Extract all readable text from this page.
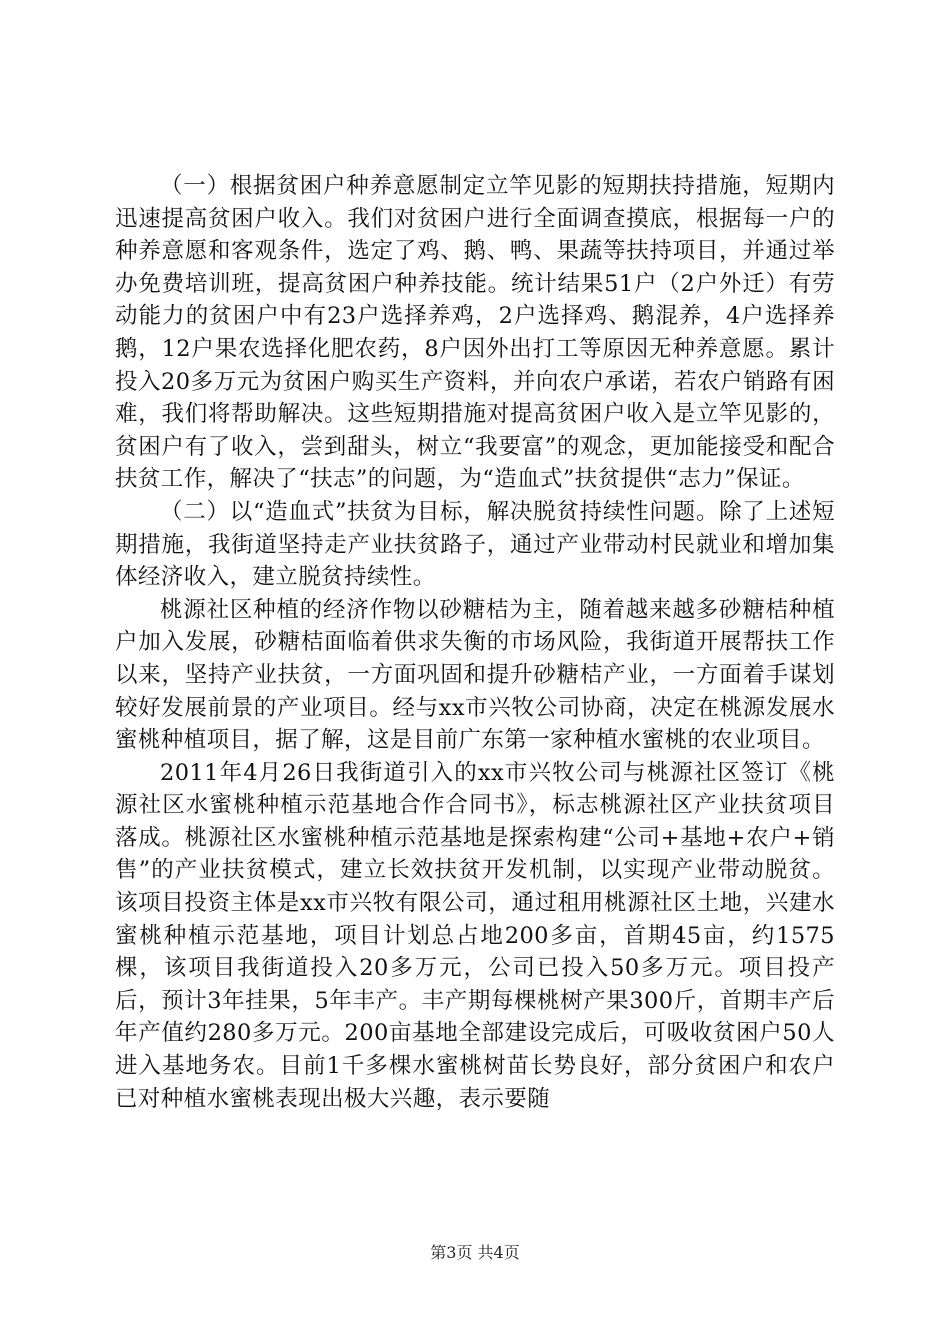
（一）根据贫困户种养意愿制定立竿见影的短期扶持措施，短期内迅速提高贫困户收入。我们对贫困户进行全面调查摸底，根据每一户的种养意愿和客观条件，选定了鸡、鹅、鸭、果蔬等扶持项目，并通过举办免费培训班，提高贫困户种养技能。统计结果51户（2户外迁）有劳动能力的贫困户中有23户选择养鸡，2户选择鸡、鹅混养，4户选择养鹅，12户果农选择化肥农药，8户因外出打工等原因无种养意愿。累计投入20多万元为贫困户购买生产资料，并向农户承诺，若农户销路有困难，我们将帮助解决。这些短期措施对提高贫困户收入是立竿见影的，贫困户有了收入，尝到甜头，树立“我要富”的观念，更加能接受和配合扶贫工作，解决了“扶志”的问题，为“造血式”扶贫提供“志力”保证。

（二）以“造血式”扶贫为目标，解决脱贫持续性问题。除了上述短期措施，我街道坚持走产业扶贫路子，通过产业带动村民就业和增加集体经济收入，建立脱贫持续性。

桃源社区种植的经济作物以砂糖桔为主，随着越来越多砂糖桔种植户加入发展，砂糖桔面临着供求失衡的市场风险，我街道开展帮扶工作以来，坚持产业扶贫，一方面巩固和提升砂糖桔产业，一方面着手谋划较好发展前景的产业项目。经与xx市兴牧公司协商，决定在桃源发展水蜜桃种植项目，据了解，这是目前广东第一家种植水蜜桃的农业项目。

2011年4月26日我街道引入的xx市兴牧公司与桃源社区签订《桃源社区水蜜桃种植示范基地合作合同书》，标志桃源社区产业扶贫项目落成。桃源社区水蜜桃种植示范基地是探索构建“公司+基地+农户+销售”的产业扶贫模式，建立长效扶贫开发机制，以实现产业带动脱贫。该项目投资主体是xx市兴牧有限公司，通过租用桃源社区土地，兴建水蜜桃种植示范基地，项目计划总占地200多亩，首期45亩，约1575棵，该项目我街道投入20多万元，公司已投入50多万元。项目投产后，预计3年挂果，5年丰产。丰产期每棵桃树产果300斤，首期丰产后年产值约280多万元。200亩基地全部建设完成后，可吸收贫困户50人进入基地务农。目前1千多棵水蜜桃树苗长势良好，部分贫困户和农户已对种植水蜜桃表现出极大兴趣，表示要随

第3页 共4页
